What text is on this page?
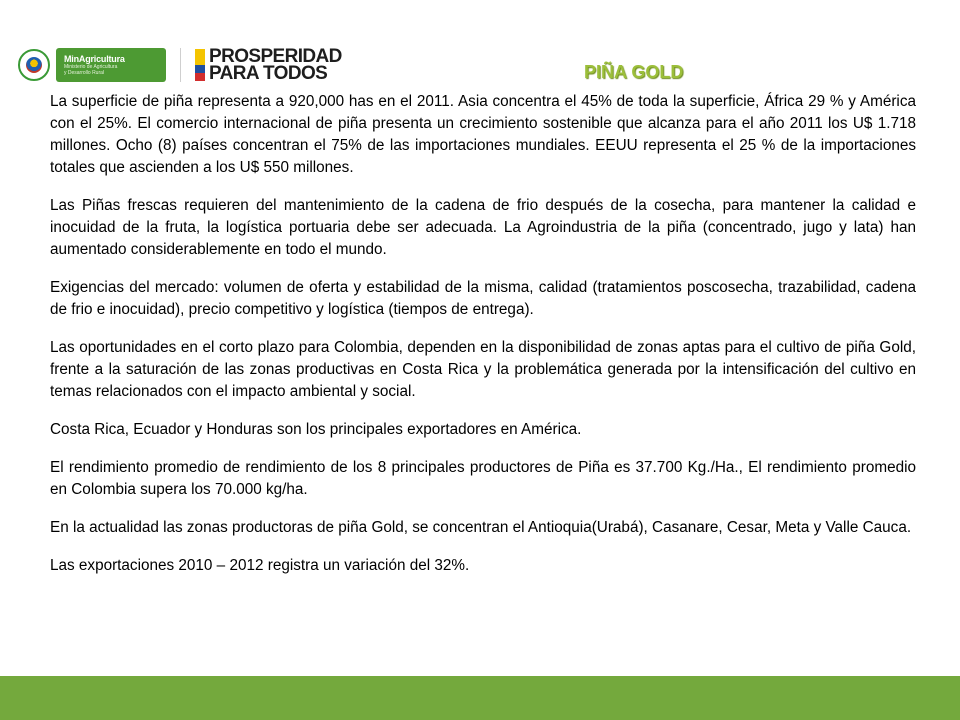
MinAgricultura
Ministerio de Agricultura
y Desarrollo Rural
PROSPERIDAD
PARA TODOS	PIÑA GOLD

La superficie de piña representa a 920,000 has en el 2011. Asia concentra el 45% de toda la superficie, África 29 % y América con el 25%. El comercio internacional de piña presenta un crecimiento sostenible que alcanza para el año 2011 los U$ 1.718 millones. Ocho (8) países concentran el 75% de las importaciones mundiales. EEUU representa el 25 % de la importaciones totales que ascienden a los U$ 550 millones.

Las Piñas frescas requieren del mantenimiento de la cadena de frio después de la cosecha, para mantener la calidad e inocuidad de la fruta, la logística portuaria debe ser adecuada. La Agroindustria de la piña (concentrado, jugo y lata) han aumentado considerablemente en todo el mundo.

Exigencias del mercado: volumen de oferta y estabilidad de la misma, calidad (tratamientos poscosecha, trazabilidad, cadena de frio e inocuidad), precio competitivo y logística (tiempos de entrega).

Las oportunidades en el corto plazo para Colombia, dependen en la disponibilidad de zonas aptas para el cultivo de piña Gold, frente a la saturación de las zonas productivas en Costa Rica y la problemática generada por la intensificación del cultivo en temas relacionados con el impacto ambiental y social.

Costa Rica, Ecuador y Honduras son los principales exportadores en América.

El rendimiento promedio de rendimiento de los 8 principales productores de Piña es 37.700 Kg./Ha., El rendimiento promedio en Colombia supera los 70.000 kg/ha.

En la actualidad las zonas productoras de piña Gold, se concentran el Antioquia(Urabá), Casanare, Cesar, Meta y Valle Cauca.

Las exportaciones 2010 – 2012 registra un variación del 32%.
